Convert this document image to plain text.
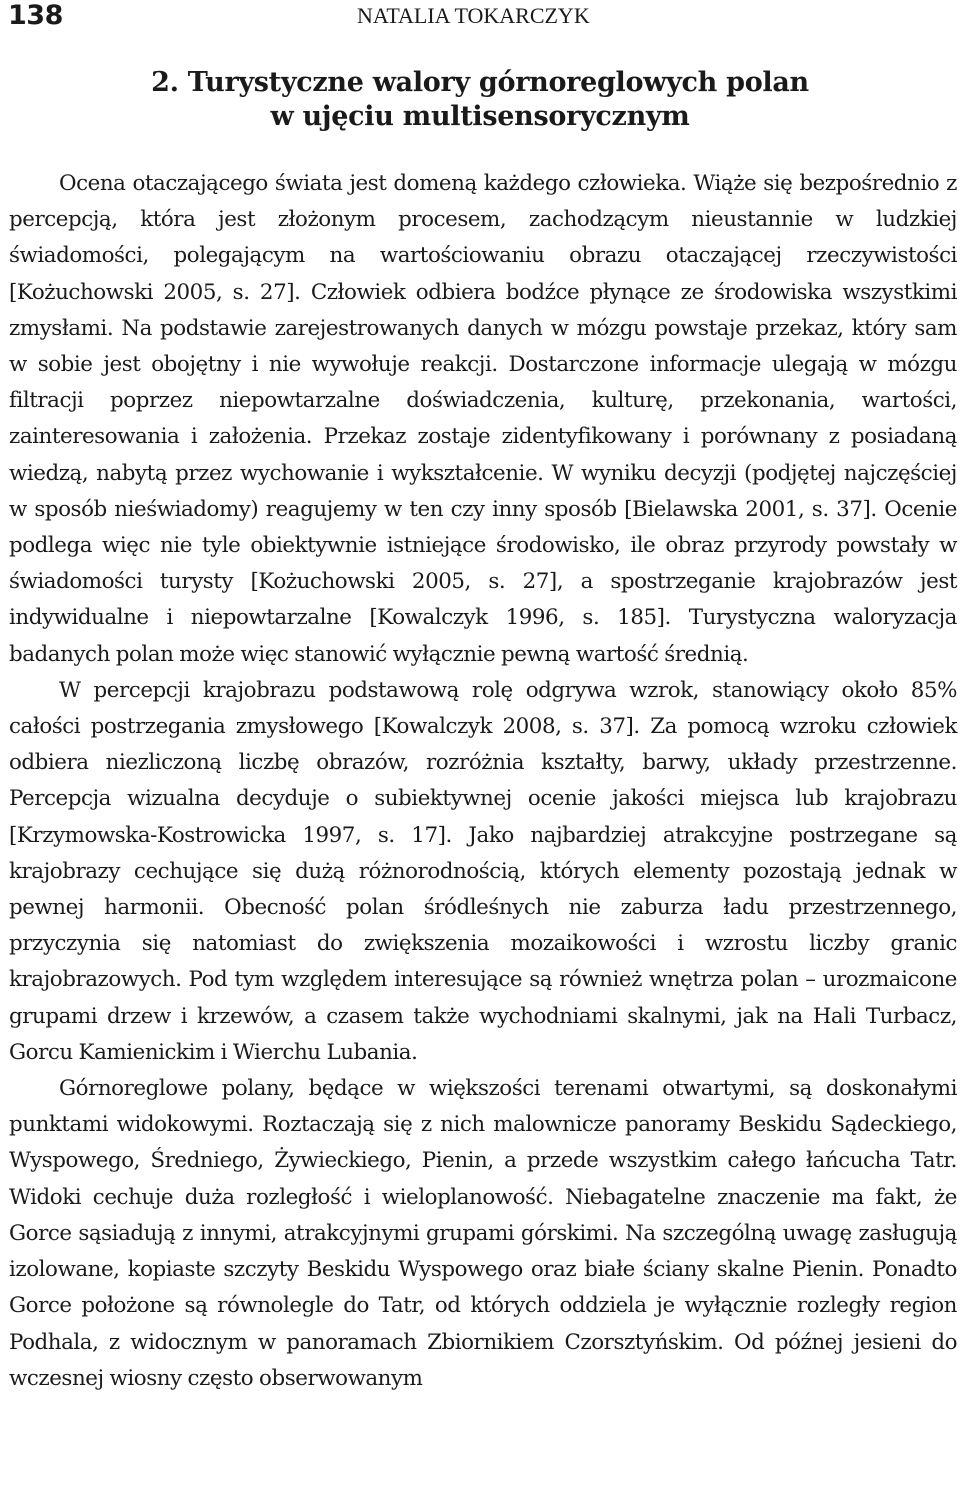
138	NATALIA TOKARCZYK
2. Turystyczne walory górnoreglowych polan
w ujęciu multisensorycznym

Ocena otaczającego świata jest domeną każdego człowieka. Wiąże się bezpośrednio z percepcją, która jest złożonym procesem, zachodzącym nieustannie w ludzkiej świadomości, polegającym na wartościowaniu obrazu otaczającej rzeczywistości [Kożuchowski 2005, s. 27]. Człowiek odbiera bodźce płynące ze środowiska wszystkimi zmysłami. Na podstawie zarejestrowanych danych w mózgu powstaje przekaz, który sam w sobie jest obojętny i nie wywołuje reakcji. Dostarczone informacje ulegają w mózgu filtracji poprzez niepowtarzalne doświadczenia, kulturę, przekonania, wartości, zainteresowania i założenia. Przekaz zostaje zidentyfikowany i porównany z posiadaną wiedzą, nabytą przez wychowanie i wykształcenie. W wyniku decyzji (podjętej najczęściej w sposób nieświadomy) reagujemy w ten czy inny sposób [Bielawska 2001, s. 37]. Ocenie podlega więc nie tyle obiektywnie istniejące środowisko, ile obraz przyrody powstały w świadomości turysty [Kożuchowski 2005, s. 27], a spostrzeganie krajobrazów jest indywidualne i niepowtarzalne [Kowalczyk 1996, s. 185]. Turystyczna waloryzacja badanych polan może więc stanowić wyłącznie pewną wartość średnią.

W percepcji krajobrazu podstawową rolę odgrywa wzrok, stanowiący około 85% całości postrzegania zmysłowego [Kowalczyk 2008, s. 37]. Za pomocą wzroku człowiek odbiera niezliczoną liczbę obrazów, rozróżnia kształty, barwy, układy przestrzenne. Percepcja wizualna decyduje o subiektywnej ocenie jakości miejsca lub krajobrazu [Krzymowska-Kostrowicka 1997, s. 17]. Jako najbardziej atrakcyjne postrzegane są krajobrazy cechujące się dużą różnorodnością, których elementy pozostają jednak w pewnej harmonii. Obecność polan śródleśnych nie zaburza ładu przestrzennego, przyczynia się natomiast do zwiększenia mozaikowości i wzrostu liczby granic krajobrazowych. Pod tym względem interesujące są również wnętrza polan – urozmaicone grupami drzew i krzewów, a czasem także wychodniami skalnymi, jak na Hali Turbacz, Gorcu Kamienickim i Wierchu Lubania.

Górnoreglowe polany, będące w większości terenami otwartymi, są doskonałymi punktami widokowymi. Roztaczają się z nich malownicze panoramy Beskidu Sądeckiego, Wyspowego, Średniego, Żywieckiego, Pienin, a przede wszystkim całego łańcucha Tatr. Widoki cechuje duża rozległość i wieloplanowość. Niebagatelne znaczenie ma fakt, że Gorce sąsiadują z innymi, atrakcyjnymi grupami górskimi. Na szczególną uwagę zasługują izolowane, kopiaste szczyty Beskidu Wyspowego oraz białe ściany skalne Pienin. Ponadto Gorce położone są równolegle do Tatr, od których oddziela je wyłącznie rozległy region Podhala, z widocznym w panoramach Zbiornikiem Czorsztyńskim. Od późnej jesieni do wczesnej wiosny często obserwowanym
